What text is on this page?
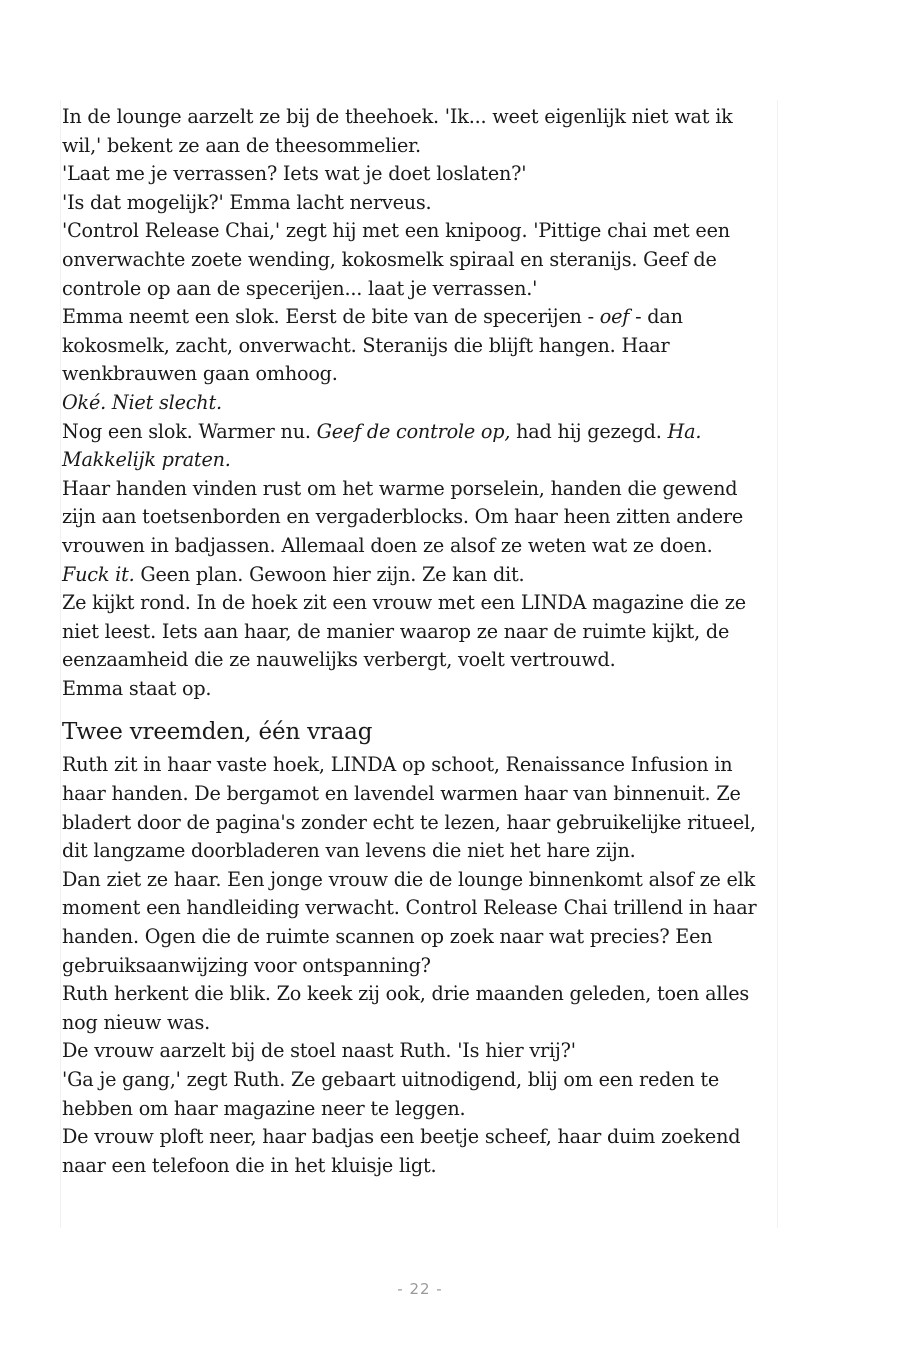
In de lounge aarzelt ze bij de theehoek. 'Ik... weet eigenlijk niet wat ik wil,' bekent ze aan de theesommelier.

'Laat me je verrassen? Iets wat je doet loslaten?'

'Is dat mogelijk?' Emma lacht nerveus.

'Control Release Chai,' zegt hij met een knipoog. 'Pittige chai met een onverwachte zoete wending, kokosmelk spiraal en steranijs. Geef de controle op aan de specerijen... laat je verrassen.'

Emma neemt een slok. Eerst de bite van de specerijen - oef - dan kokosmelk, zacht, onverwacht. Steranijs die blijft hangen. Haar wenkbrauwen gaan omhoog.

Oké. Niet slecht.

Nog een slok. Warmer nu. Geef de controle op, had hij gezegd. Ha. Makkelijk praten.

Haar handen vinden rust om het warme porselein, handen die gewend zijn aan toetsenborden en vergaderblocks. Om haar heen zitten andere vrouwen in badjassen. Allemaal doen ze alsof ze weten wat ze doen.

Fuck it. Geen plan. Gewoon hier zijn. Ze kan dit.

Ze kijkt rond. In de hoek zit een vrouw met een LINDA magazine die ze niet leest. Iets aan haar, de manier waarop ze naar de ruimte kijkt, de eenzaamheid die ze nauwelijks verbergt, voelt vertrouwd.

Emma staat op.

Twee vreemden, één vraag

Ruth zit in haar vaste hoek, LINDA op schoot, Renaissance Infusion in haar handen. De bergamot en lavendel warmen haar van binnenuit. Ze bladert door de pagina's zonder echt te lezen, haar gebruikelijke ritueel, dit langzame doorbladeren van levens die niet het hare zijn.

Dan ziet ze haar. Een jonge vrouw die de lounge binnenkomt alsof ze elk moment een handleiding verwacht. Control Release Chai trillend in haar handen. Ogen die de ruimte scannen op zoek naar wat precies? Een gebruiksaanwijzing voor ontspanning?

Ruth herkent die blik. Zo keek zij ook, drie maanden geleden, toen alles nog nieuw was.

De vrouw aarzelt bij de stoel naast Ruth. 'Is hier vrij?'

'Ga je gang,' zegt Ruth. Ze gebaart uitnodigend, blij om een reden te hebben om haar magazine neer te leggen.

De vrouw ploft neer, haar badjas een beetje scheef, haar duim zoekend naar een telefoon die in het kluisje ligt.

- 22 -
